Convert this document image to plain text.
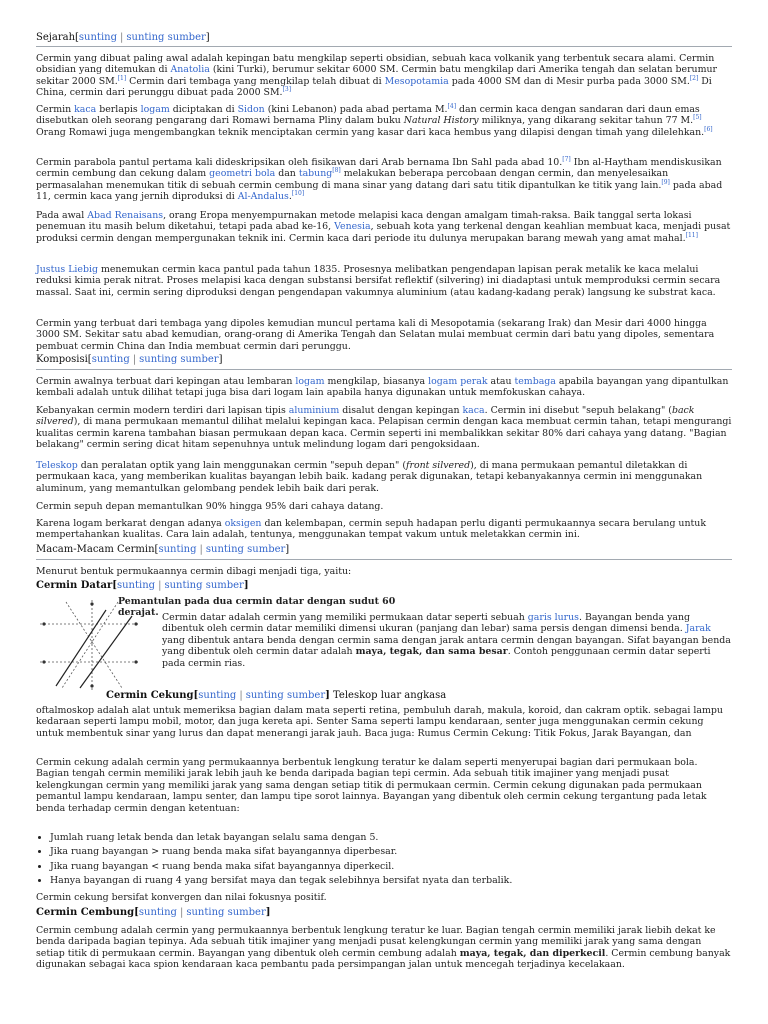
Sejarah[sunting | sunting sumber]

Cermin yang dibuat paling awal adalah kepingan batu mengkilap seperti obsidian, sebuah kaca volkanik yang terbentuk secara alami. Cermin obsidian yang ditemukan di Anatolia (kini Turki), berumur sekitar 6000 SM. Cermin batu mengkilap dari Amerika tengah dan selatan berumur sekitar 2000 SM.[1] Cermin dari tembaga yang mengkilap telah dibuat di Mesopotamia pada 4000 SM dan di Mesir purba pada 3000 SM.[2] Di China, cermin dari perunggu dibuat pada 2000 SM.[3]

Cermin kaca berlapis logam diciptakan di Sidon (kini Lebanon) pada abad pertama M.[4] dan cermin kaca dengan sandaran dari daun emas disebutkan oleh seorang pengarang dari Romawi bernama Pliny dalam buku Natural History miliknya, yang dikarang sekitar tahun 77 M.[5] Orang Romawi juga mengembangkan teknik menciptakan cermin yang kasar dari kaca hembus yang dilapisi dengan timah yang dilelehkan.[6]

Cermin parabola pantul pertama kali dideskripsikan oleh fisikawan dari Arab bernama Ibn Sahl pada abad 10.[7] Ibn al-Haytham mendiskusikan cermin cembung dan cekung dalam geometri bola dan tabung[8] melakukan beberapa percobaan dengan cermin, dan menyelesaikan permasalahan menemukan titik di sebuah cermin cembung di mana sinar yang datang dari satu titik dipantulkan ke titik yang lain.[9] pada abad 11, cermin kaca yang jernih diproduksi di Al-Andalus.[10]

Pada awal Abad Renaisans, orang Eropa menyempurnakan metode melapisi kaca dengan amalgam timah-raksa. Baik tanggal serta lokasi penemuan itu masih belum diketahui, tetapi pada abad ke-16, Venesia, sebuah kota yang terkenal dengan keahlian membuat kaca, menjadi pusat produksi cermin dengan mempergunakan teknik ini. Cermin kaca dari periode itu dulunya merupakan barang mewah yang amat mahal.[11]

Justus Liebig menemukan cermin kaca pantul pada tahun 1835. Prosesnya melibatkan pengendapan lapisan perak metalik ke kaca melalui reduksi kimia perak nitrat. Proses melapisi kaca dengan substansi bersifat reflektif (silvering) ini diadaptasi untuk memproduksi cermin secara massal. Saat ini, cermin sering diproduksi dengan pengendapan vakumnya aluminium (atau kadang-kadang perak) langsung ke substrat kaca.

Cermin yang terbuat dari tembaga yang dipoles kemudian muncul pertama kali di Mesopotamia (sekarang Irak) dan Mesir dari 4000 hingga 3000 SM. Sekitar satu abad kemudian, orang-orang di Amerika Tengah dan Selatan mulai membuat cermin dari batu yang dipoles, sementara pembuat cermin China dan India membuat cermin dari perunggu.

Komposisi[sunting | sunting sumber]

Cermin awalnya terbuat dari kepingan atau lembaran logam mengkilap, biasanya logam perak atau tembaga apabila bayangan yang dipantulkan kembali adalah untuk dilihat tetapi juga bisa dari logam lain apabila hanya digunakan untuk memfokuskan cahaya.

Kebanyakan cermin modern terdiri dari lapisan tipis aluminium disalut dengan kepingan kaca. Cermin ini disebut "sepuh belakang" (back silvered), di mana permukaan memantul dilihat melalui kepingan kaca. Pelapisan cermin dengan kaca membuat cermin tahan, tetapi mengurangi kualitas cermin karena tambahan biasan permukaan depan kaca. Cermin seperti ini membalikkan sekitar 80% dari cahaya yang datang. "Bagian belakang" cermin sering dicat hitam sepenuhnya untuk melindung logam dari pengoksidaan.

Teleskop dan peralatan optik yang lain menggunakan cermin "sepuh depan" (front silvered), di mana permukaan pemantul diletakkan di permukaan kaca, yang memberikan kualitas bayangan lebih baik. kadang perak digunakan, tetapi kebanyakannya cermin ini menggunakan aluminum, yang memantulkan gelombang pendek lebih baik dari perak.

Cermin sepuh depan memantulkan 90% hingga 95% dari cahaya datang.

Karena logam berkarat dengan adanya oksigen dan kelembapan, cermin sepuh hadapan perlu diganti permukaannya secara berulang untuk mempertahankan kualitas. Cara lain adalah, tentunya, menggunakan tempat vakum untuk meletakkan cermin ini.

Macam-Macam Cermin[sunting | sunting sumber]

Menurut bentuk permukaannya cermin dibagi menjadi tiga, yaitu:

Cermin Datar[sunting | sunting sumber]
Pemantulan pada dua cermin datar dengan sudut 60 derajat. Cermin datar adalah cermin yang memiliki permukaan datar seperti sebuah garis lurus. Bayangan benda yang dibentuk oleh cermin datar memiliki dimensi ukuran (panjang dan lebar) sama persis dengan dimensi benda. Jarak yang dibentuk antara benda dengan cermin sama dengan jarak antara cermin dengan bayangan. Sifat bayangan benda yang dibentuk oleh cermin datar adalah maya, tegak, dan sama besar. Contoh penggunaan cermin datar seperti pada cermin rias.

Cermin Cekung[sunting | sunting sumber] Teleskop luar angkasa

oftalmoskop adalah alat untuk memeriksa bagian dalam mata seperti retina, pembuluh darah, makula, koroid, dan cakram optik. sebagai lampu kedaraan seperti lampu mobil, motor, dan juga kereta api. Senter Sama seperti lampu kendaraan, senter juga menggunakan cermin cekung untuk membentuk sinar yang lurus dan dapat menerangi jarak jauh. Baca juga: Rumus Cermin Cekung: Titik Fokus, Jarak Bayangan, dan

Cermin cekung adalah cermin yang permukaannya berbentuk lengkung teratur ke dalam seperti menyerupai bagian dari permukaan bola. Bagian tengah cermin memiliki jarak lebih jauh ke benda daripada bagian tepi cermin. Ada sebuah titik imajiner yang menjadi pusat kelengkungan cermin yang memiliki jarak yang sama dengan setiap titik di permukaan cermin. Cermin cekung digunakan pada permukaan pemantul lampu kendaraan, lampu senter, dan lampu tipe sorot lainnya. Bayangan yang dibentuk oleh cermin cekung tergantung pada letak benda terhadap cermin dengan ketentuan:

• Jumlah ruang letak benda dan letak bayangan selalu sama dengan 5.
• Jika ruang bayangan > ruang benda maka sifat bayangannya diperbesar.
• Jika ruang bayangan < ruang benda maka sifat bayangannya diperkecil.
• Hanya bayangan di ruang 4 yang bersifat maya dan tegak selebihnya bersifat nyata dan terbalik.

Cermin cekung bersifat konvergen dan nilai fokusnya positif.

Cermin Cembung[sunting | sunting sumber]

Cermin cembung adalah cermin yang permukaannya berbentuk lengkung teratur ke luar. Bagian tengah cermin memiliki jarak liebih dekat ke benda daripada bagian tepinya. Ada sebuah titik imajiner yang menjadi pusat kelengkungan cermin yang memiliki jarak yang sama dengan setiap titik di permukaan cermin. Bayangan yang dibentuk oleh cermin cembung adalah maya, tegak, dan diperkecil. Cermin cembung banyak digunakan sebagai kaca spion kendaraan kaca pembantu pada persimpangan jalan untuk mencegah terjadinya kecelakaan.
